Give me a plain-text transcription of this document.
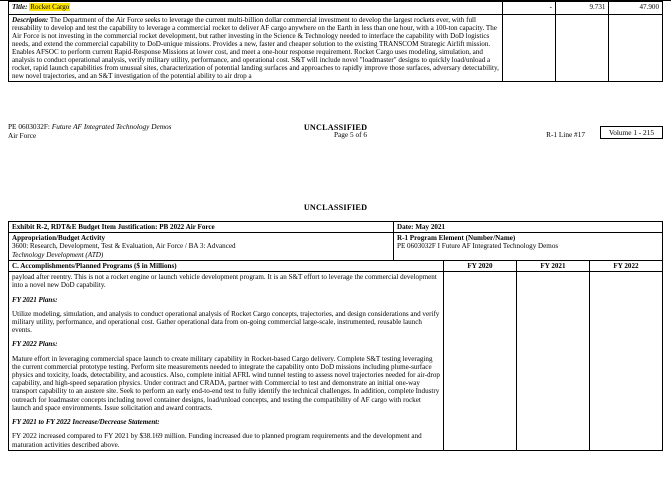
Title: Rocket Cargo	-	9.731	47.900
Description: The Department of the Air Force seeks to leverage the current multi-billion dollar commercial investment to develop the largest rockets ever, with full reusability to develop and test the capability to leverage a commercial rocket to deliver AF cargo anywhere on the Earth in less than one hour, with a 100-ton capacity. The Air Force is not investing in the commercial rocket development, but rather investing in the Science & Technology needed to interface the capability with DoD logistics needs, and extend the commercial capability to DoD-unique missions. Provides a new, faster and cheaper solution to the existing TRANSCOM Strategic Airlift mission. Enables AFSOC to perform current Rapid-Response Missions at lower cost, and meet a one-hour response requirement. Rocket Cargo uses modeling, simulation, and analysis to conduct operational analysis, verify military utility, performance, and operational cost. S&T will include novel "loadmaster" designs to quickly load/unload a rocket, rapid launch capabilities from unusual sites, characterization of potential landing surfaces and approaches to rapidly improve those surfaces, adversary detectability, new novel trajectories, and an S&T investigation of the potential ability to air drop a			
UNCLASSIFIED
PE 0603032F: Future AF Integrated Technology Demos
Air Force	Page 5 of 6	R-1 Line #17	Volume 1 - 215
UNCLASSIFIED
Exhibit R-2, RDT&E Budget Item Justification: PB 2022 Air Force	Date: May 2021

Appropriation/Budget Activity
3600: Research, Development, Test & Evaluation, Air Force / BA 3: Advanced
Technology Development (ATD)

R-1 Program Element (Number/Name)
PE 0603032F I Future AF Integrated Technology Demos
C. Accomplishments/Planned Programs ($ in Millions)	FY 2020	FY 2021	FY 2022

payload after reentry. This is not a rocket engine or launch vehicle development program. It is an S&T effort to leverage the commercial development into a novel new DoD capability.

FY 2021 Plans:

Utilize modeling, simulation, and analysis to conduct operational analysis of Rocket Cargo concepts, trajectories, and design considerations and verify military utility, performance, and operational cost. Gather operational data from on-going commercial large-scale, instrumented, reusable launch events.

FY 2022 Plans:

Mature effort in leveraging commercial space launch to create military capability in Rocket-based Cargo delivery. Complete S&T testing leveraging the current commercial prototype testing. Perform site measurements needed to integrate the capability onto DoD missions including plume-surface physics and toxicity, loads, detectability, and acoustics. Also, complete initial AFRL wind tunnel testing to assess novel trajectories needed for air-drop capability, and high-speed separation physics. Under contract and CRADA, partner with Commercial to test and demonstrate an initial one-way transport capability to an austere site. Seek to perform an early end-to-end test to fully identify the technical challenges. In addition, complete Industry outreach for loadmaster concepts including novel container designs, load/unload concepts, and testing the compatibility of AF cargo with rocket launch and space environments. Issue solicitation and award contracts.

FY 2021 to FY 2022 Increase/Decrease Statement:

FY 2022 increased compared to FY 2021 by $38.169 million. Funding increased due to planned program requirements and the development and maturation activities described above.
